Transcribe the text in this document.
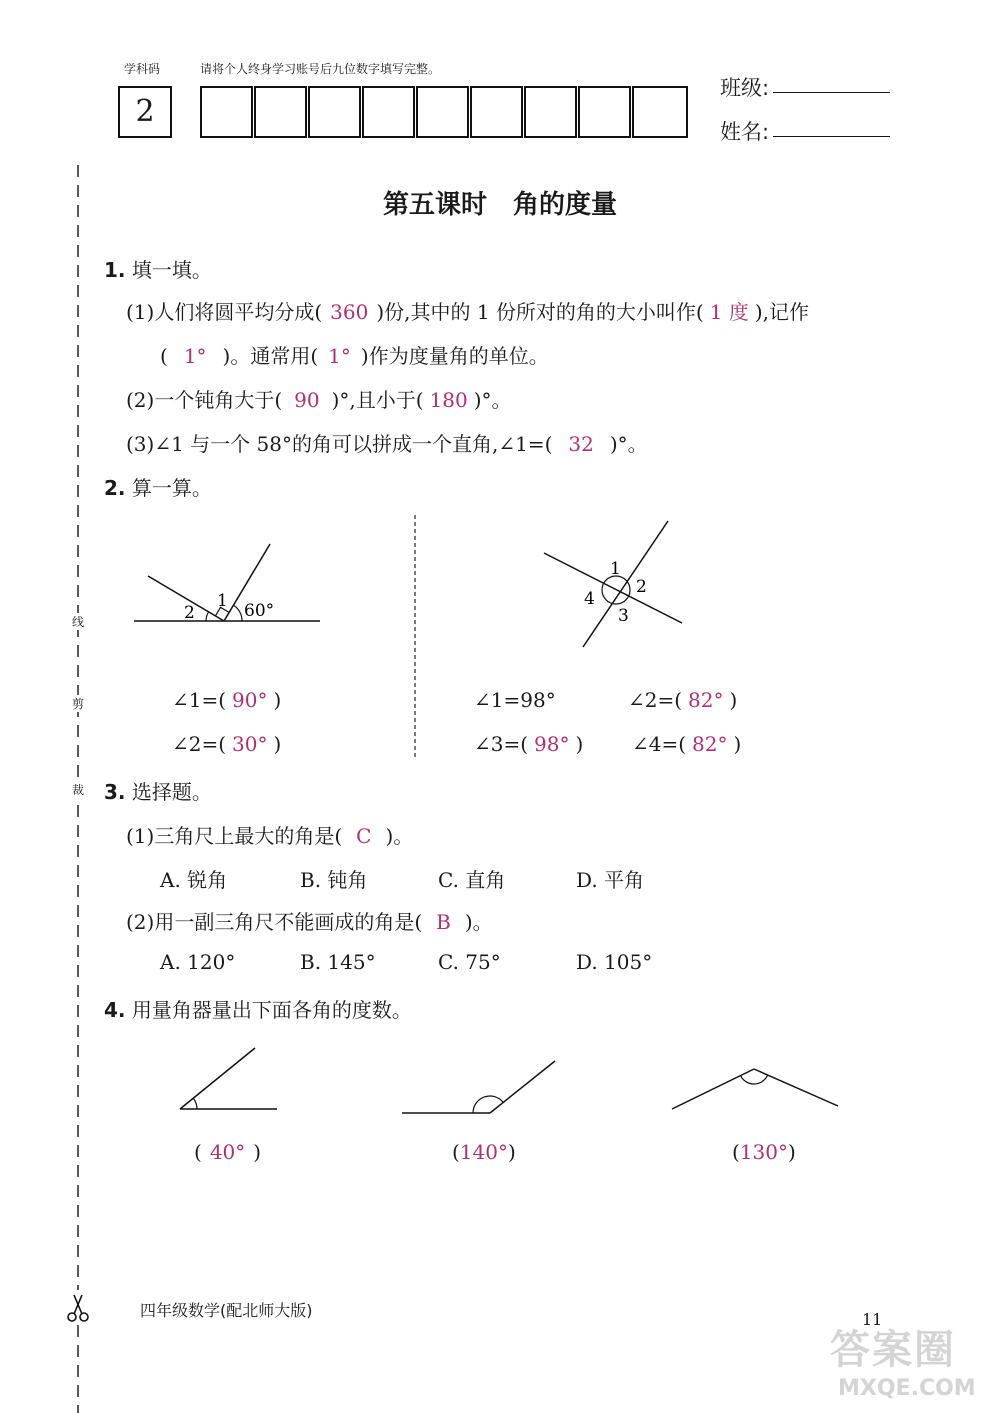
学科码
2
请将个人终身学习账号后九位数字填写完整。
班级:
姓名:
线
剪
裁
第五课时　角的度量
1. 填一填。
(1)人们将圆平均分成( 360 )份,其中的 1 份所对的角的大小叫作( 1 度 ),记作
( 1° )。通常用( 1° )作为度量角的单位。
(2)一个钝角大于( 90 )°,且小于( 180 )°。
(3)∠1 与一个 58°的角可以拼成一个直角,∠1=( 32 )°。
2. 算一算。
1
2	60°
1
2
3
4
∠1=( 90° )
∠2=( 30° )
∠1=98°	∠2=( 82° )
∠3=( 98° ) ∠4=( 82° )
3. 选择题。
(1)三角尺上最大的角是( C )。
A. 锐角	B. 钝角	C. 直角	D. 平角
(2)用一副三角尺不能画成的角是( B )。
A. 120°	B. 145°	C. 75°	D. 105°
4. 用量角器量出下面各角的度数。
( 40° )	(140°)	(130°)
四年级数学(配北师大版)	11
答案圈
MXQE.COM
